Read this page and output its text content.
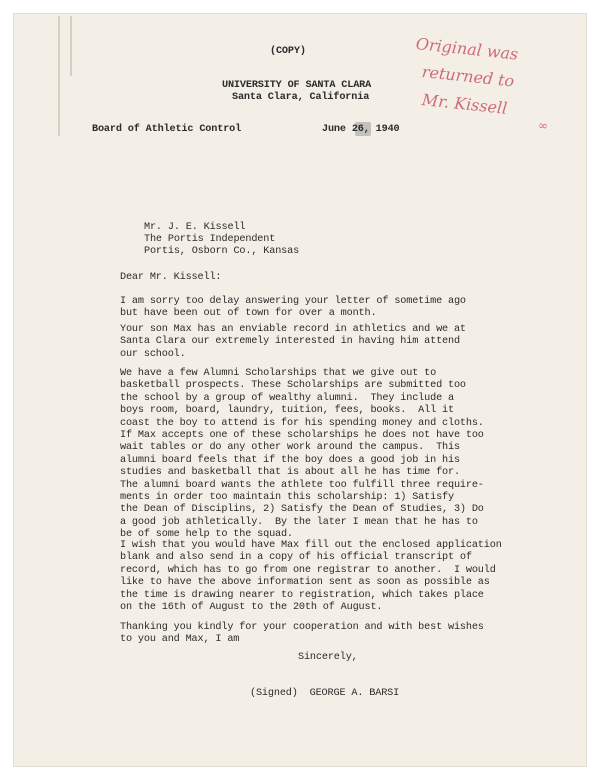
(COPY)	Original was
returned to
Mr. Kissell
∞
UNIVERSITY OF SANTA CLARA
Santa Clara, California
Board of Athletic Control	June 26, 1940
Mr. J. E. Kissell
The Portis Independent
Portis, Osborn Co., Kansas
Dear Mr. Kissell:
I am sorry too delay answering your letter of sometime ago
but have been out of town for over a month.
Your son Max has an enviable record in athletics and we at
Santa Clara our extremely interested in having him attend
our school.
We have a few Alumni Scholarships that we give out to
basketball prospects. These Scholarships are submitted too
the school by a group of wealthy alumni.  They include a
boys room, board, laundry, tuition, fees, books.  All it
coast the boy to attend is for his spending money and cloths.
If Max accepts one of these scholarships he does not have too
wait tables or do any other work around the campus.  This
alumni board feels that if the boy does a good job in his
studies and basketball that is about all he has time for.
The alumni board wants the athlete too fulfill three require-
ments in order too maintain this scholarship: 1) Satisfy
the Dean of Disciplins, 2) Satisfy the Dean of Studies, 3) Do
a good job athletically.  By the later I mean that he has to
be of some help to the squad.
I wish that you would have Max fill out the enclosed application
blank and also send in a copy of his official transcript of
record, which has to go from one registrar to another.  I would
like to have the above information sent as soon as possible as
the time is drawing nearer to registration, which takes place
on the 16th of August to the 20th of August.
Thanking you kindly for your cooperation and with best wishes
to you and Max, I am
Sincerely,
(Signed)  GEORGE A. BARSI
